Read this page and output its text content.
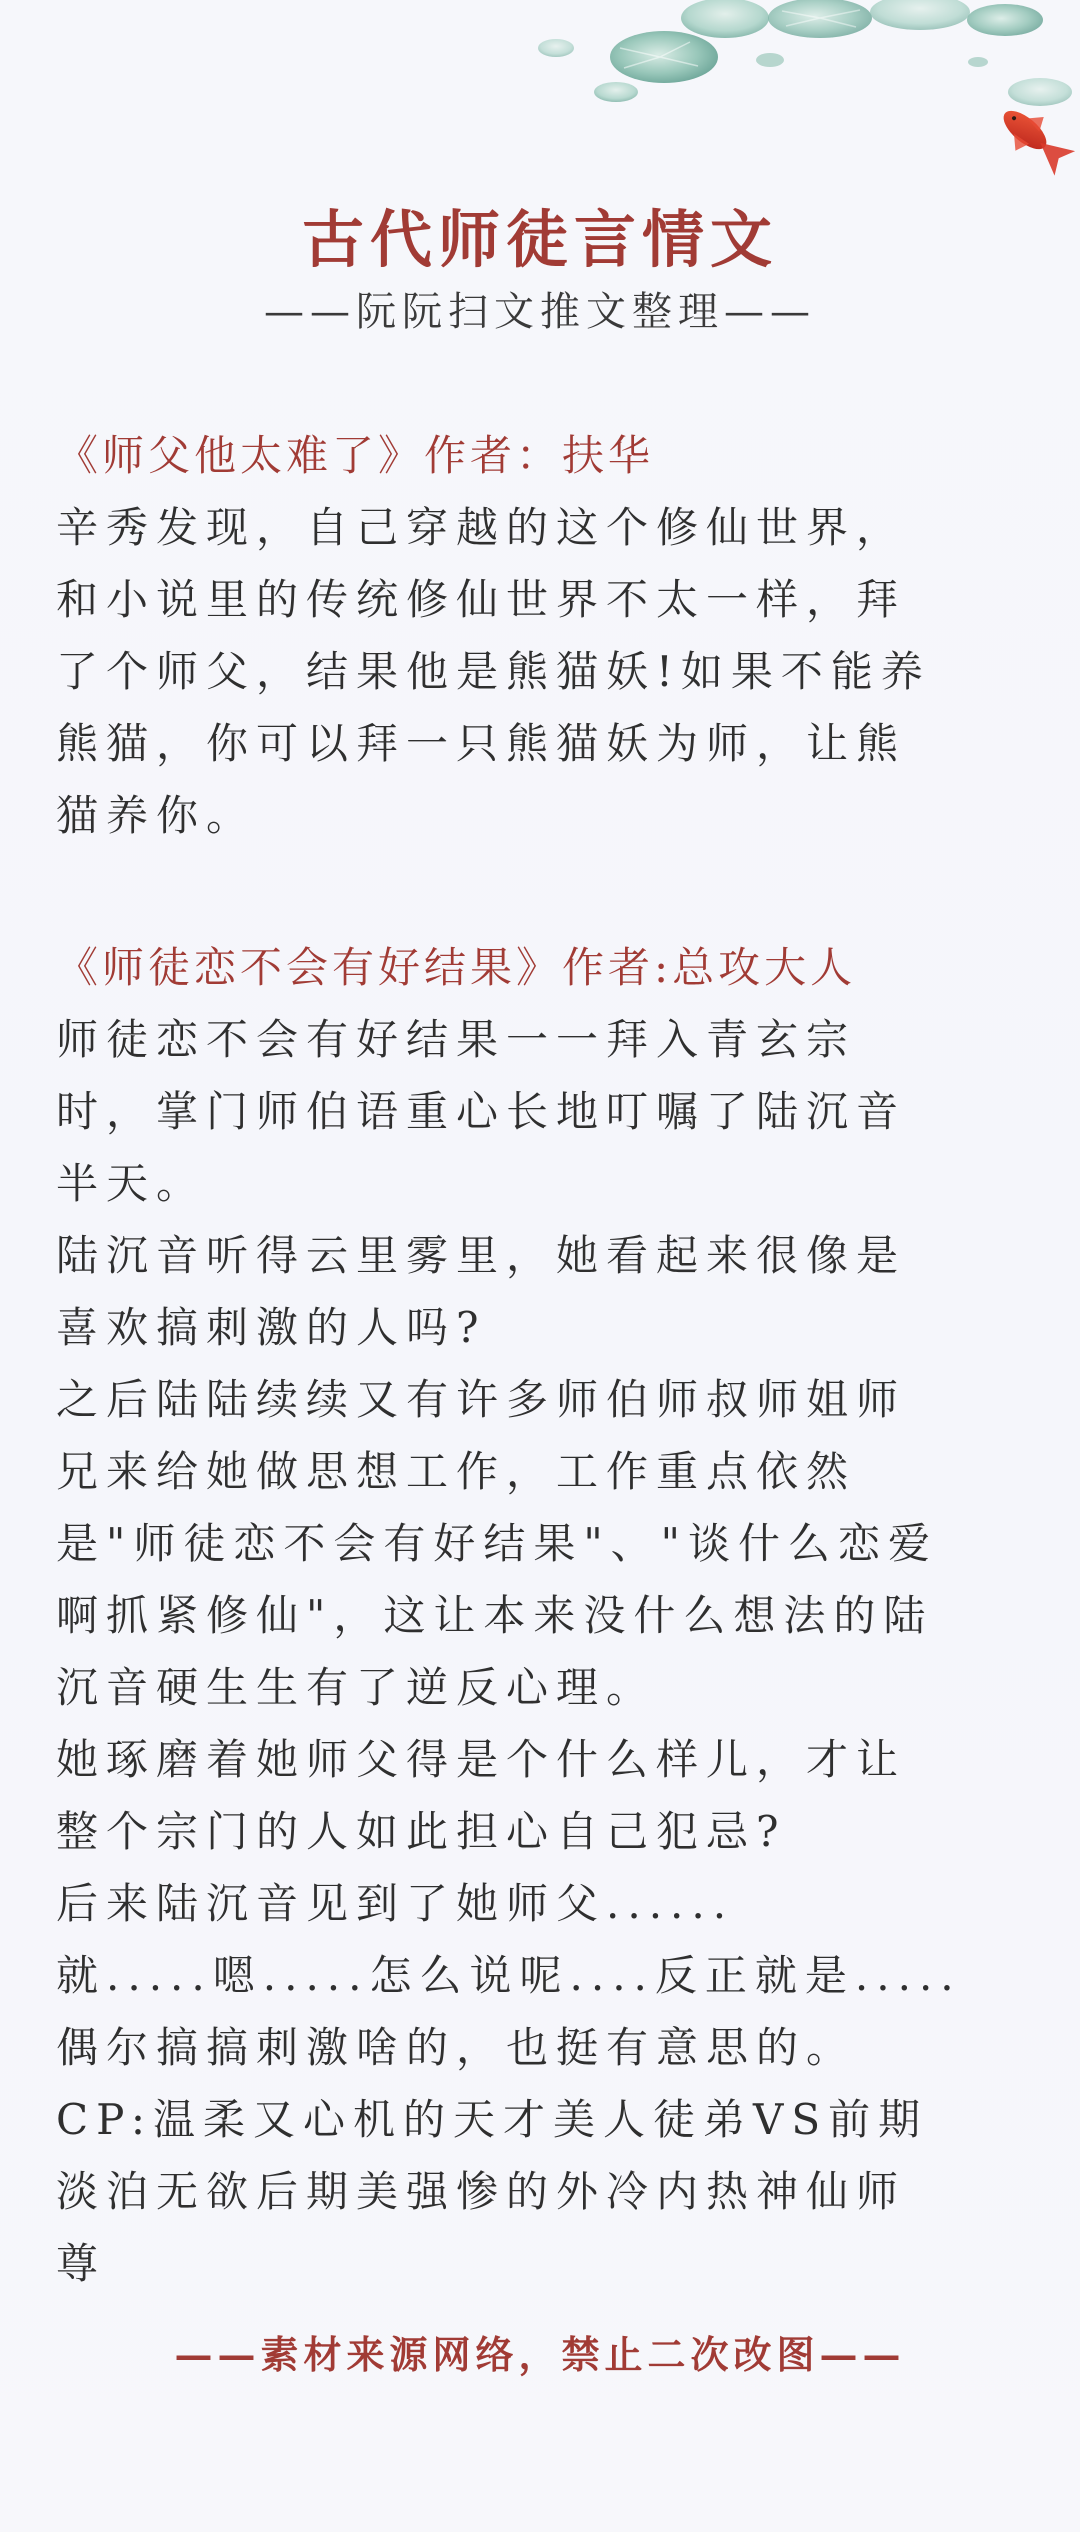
古代师徒言情文
——阮阮扫文推文整理——

《师父他太难了》作者：扶华

辛秀发现，自己穿越的这个修仙世界，

和小说里的传统修仙世界不太一样，拜

了个师父，结果他是熊猫妖!如果不能养

熊猫，你可以拜一只熊猫妖为师，让熊

猫养你。

《师徒恋不会有好结果》作者:总攻大人

师徒恋不会有好结果一一拜入青玄宗

时，掌门师伯语重心长地叮嘱了陆沉音

半天。

陆沉音听得云里雾里，她看起来很像是

喜欢搞刺激的人吗?

之后陆陆续续又有许多师伯师叔师姐师

兄来给她做思想工作，工作重点依然

是"师徒恋不会有好结果"、"谈什么恋爱

啊抓紧修仙"，这让本来没什么想法的陆

沉音硬生生有了逆反心理。

她琢磨着她师父得是个什么样儿，才让

整个宗门的人如此担心自己犯忌?

后来陆沉音见到了她师父......

就.....嗯.....怎么说呢....反正就是.....

偶尔搞搞刺激啥的，也挺有意思的。

CP:温柔又心机的天才美人徒弟VS前期

淡泊无欲后期美强惨的外冷内热神仙师

尊

——素材来源网络，禁止二次改图——
